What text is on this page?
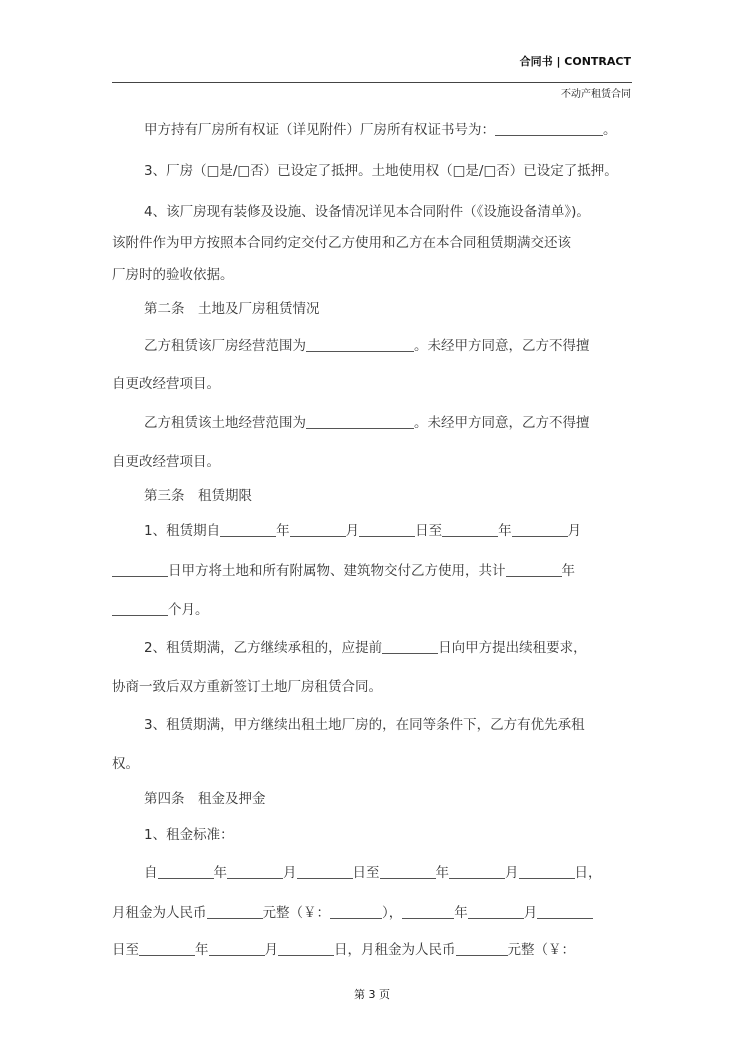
合同书 | CONTRACT
不动产租赁合同
甲方持有厂房所有权证（详见附件）厂房所有权证书号为：	。
3、厂房（□是/□否）已设定了抵押。土地使用权（□是/□否）已设定了抵押。
4、该厂房现有装修及设施、设备情况详见本合同附件（《设施设备清单》)。
该附件作为甲方按照本合同约定交付乙方使用和乙方在本合同租赁期满交还该
厂房时的验收依据。
第二条　土地及厂房租赁情况
乙方租赁该厂房经营范围为	。未经甲方同意，乙方不得擅
自更改经营项目。
乙方租赁该土地经营范围为	。未经甲方同意，乙方不得擅
自更改经营项目。
第三条　租赁期限
1、租赁期自	年	月	日至	年	月
日甲方将土地和所有附属物、建筑物交付乙方使用，共计	年
个月。
2、租赁期满，乙方继续承租的，应提前	日向甲方提出续租要求，
协商一致后双方重新签订土地厂房租赁合同。
3、租赁期满，甲方继续出租土地厂房的，在同等条件下，乙方有优先承租
权。
第四条　租金及押金
1、租金标准：
自	年	月	日至	年	月	日，
月租金为人民币	元整（￥：	），	年	月
日至	年	月	日，月租金为人民币	元整（￥：
第 3 页
